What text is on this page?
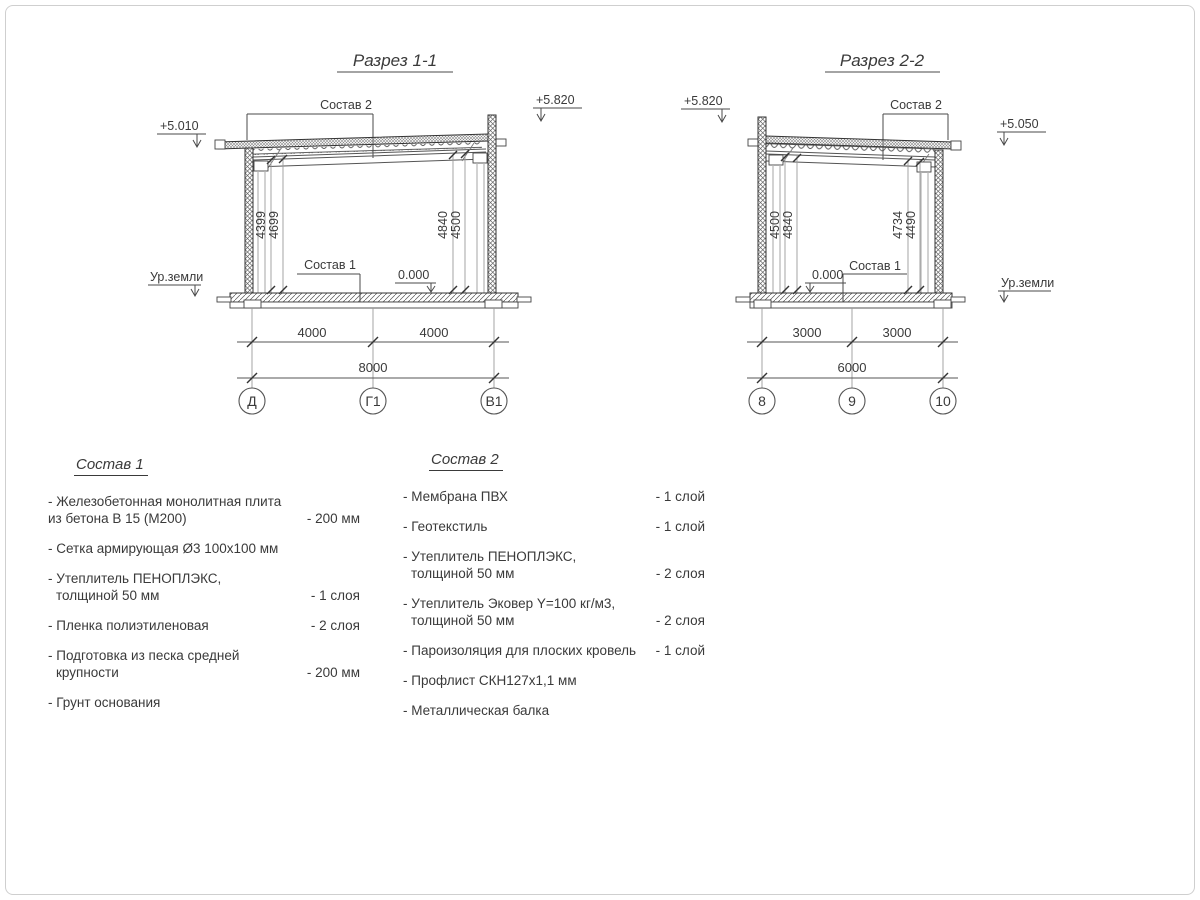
Разрез 1-1
Состав 2
4399 4699	4840 4500
+5.010
+5.820
Ур.земли
Состав 1
0.000
4000	4000
8000
Д	Г1	В1
Разрез 2-2
Состав 2
4500 4840	4734 4490
+5.820
+5.050
Ур.земли
Состав 1
0.000
3000	3000
6000
8	9	10
Состав 1
- Железобетонная монолитная плита
из бетона В 15 (М200)	- 200 мм
- Сетка армирующая Ø3 100х100 мм
- Утеплитель ПЕНОПЛЭКС,
толщиной 50 мм	- 1 слоя
- Пленка полиэтиленовая	- 2 слоя
- Подготовка из песка средней
крупности	- 200 мм
- Грунт основания
Состав 2
- Мембрана ПВХ	- 1 слой
- Геотекстиль	- 1 слой
- Утеплитель ПЕНОПЛЭКС,
толщиной 50 мм	- 2 слоя
- Утеплитель Эковер Y=100 кг/м3,
толщиной 50 мм	- 2 слоя
- Пароизоляция для плоских кровель	- 1 слой
- Профлист СКН127х1,1 мм
- Металлическая балка
